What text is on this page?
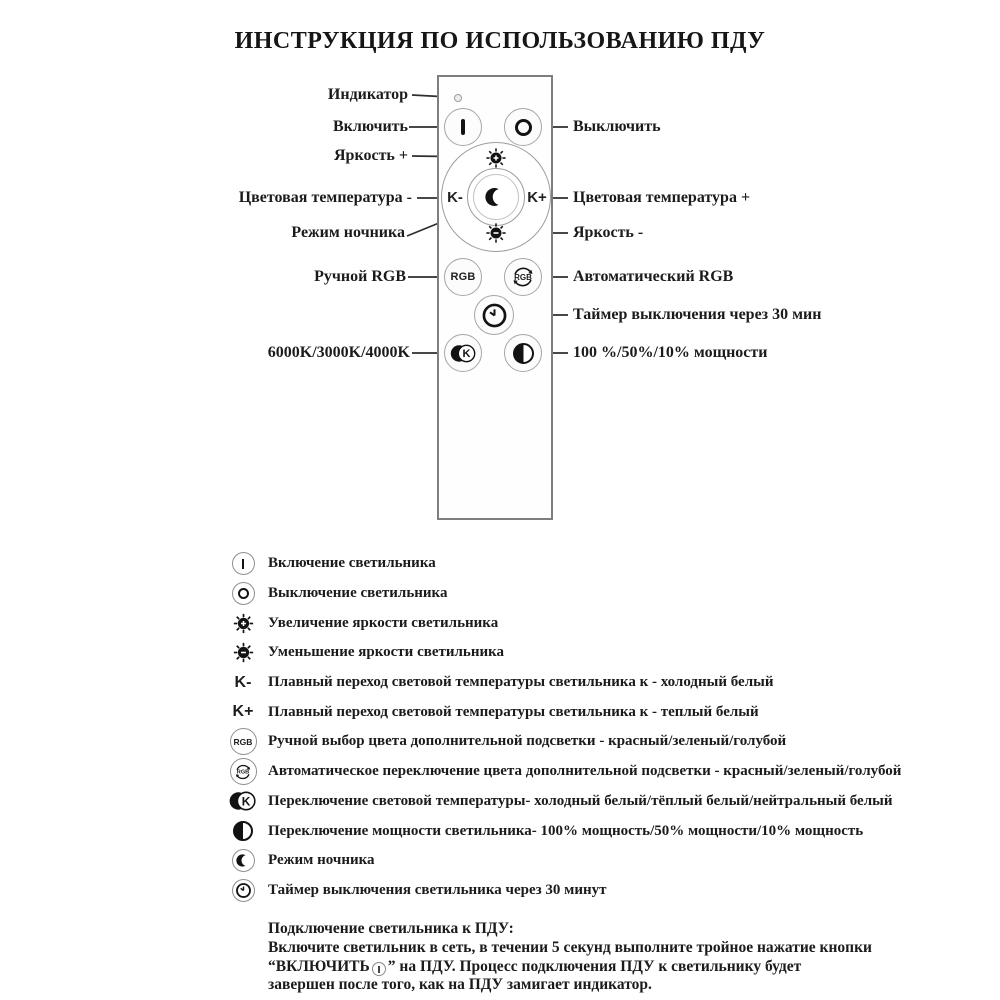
ИНСТРУКЦИЯ ПО ИСПОЛЬЗОВАНИЮ ПДУ
K-	K+
RGB	RGB
K
Индикатор
Включить
Яркость +
Цветовая температура -
Режим ночника
Ручной RGB
6000K/3000K/4000K
Выключить
Цветовая температура +
Яркость -
Автоматический RGB
Таймер выключения через 30 мин
100 %/50%/10% мощности
Включение светильника
Выключение светильника
Увеличение яркости светильника
Уменьшение яркости светильника
K-	Плавный переход световой температуры светильника к - холодный белый
K+ Плавный переход световой температуры светильника к - теплый белый
RGB Ручной выбор цвета дополнительной подсветки - красный/зеленый/голубой
RGB Автоматическое переключение цвета дополнительной подсветки - красный/зеленый/голубой
K Переключение световой температуры- холодный белый/тёплый белый/нейтральный белый
Переключение мощности светильника- 100% мощность/50% мощности/10% мощность
Режим ночника
Таймер выключения светильника через 30 минут
Подключение светильника к ПДУ:
Включите светильник в сеть, в течении 5 секунд выполните тройное нажатие кнопки
“ВКЛЮЧИТЬ ” на ПДУ. Процесс подключения ПДУ к светильнику будет
завершен после того, как на ПДУ замигает индикатор.
